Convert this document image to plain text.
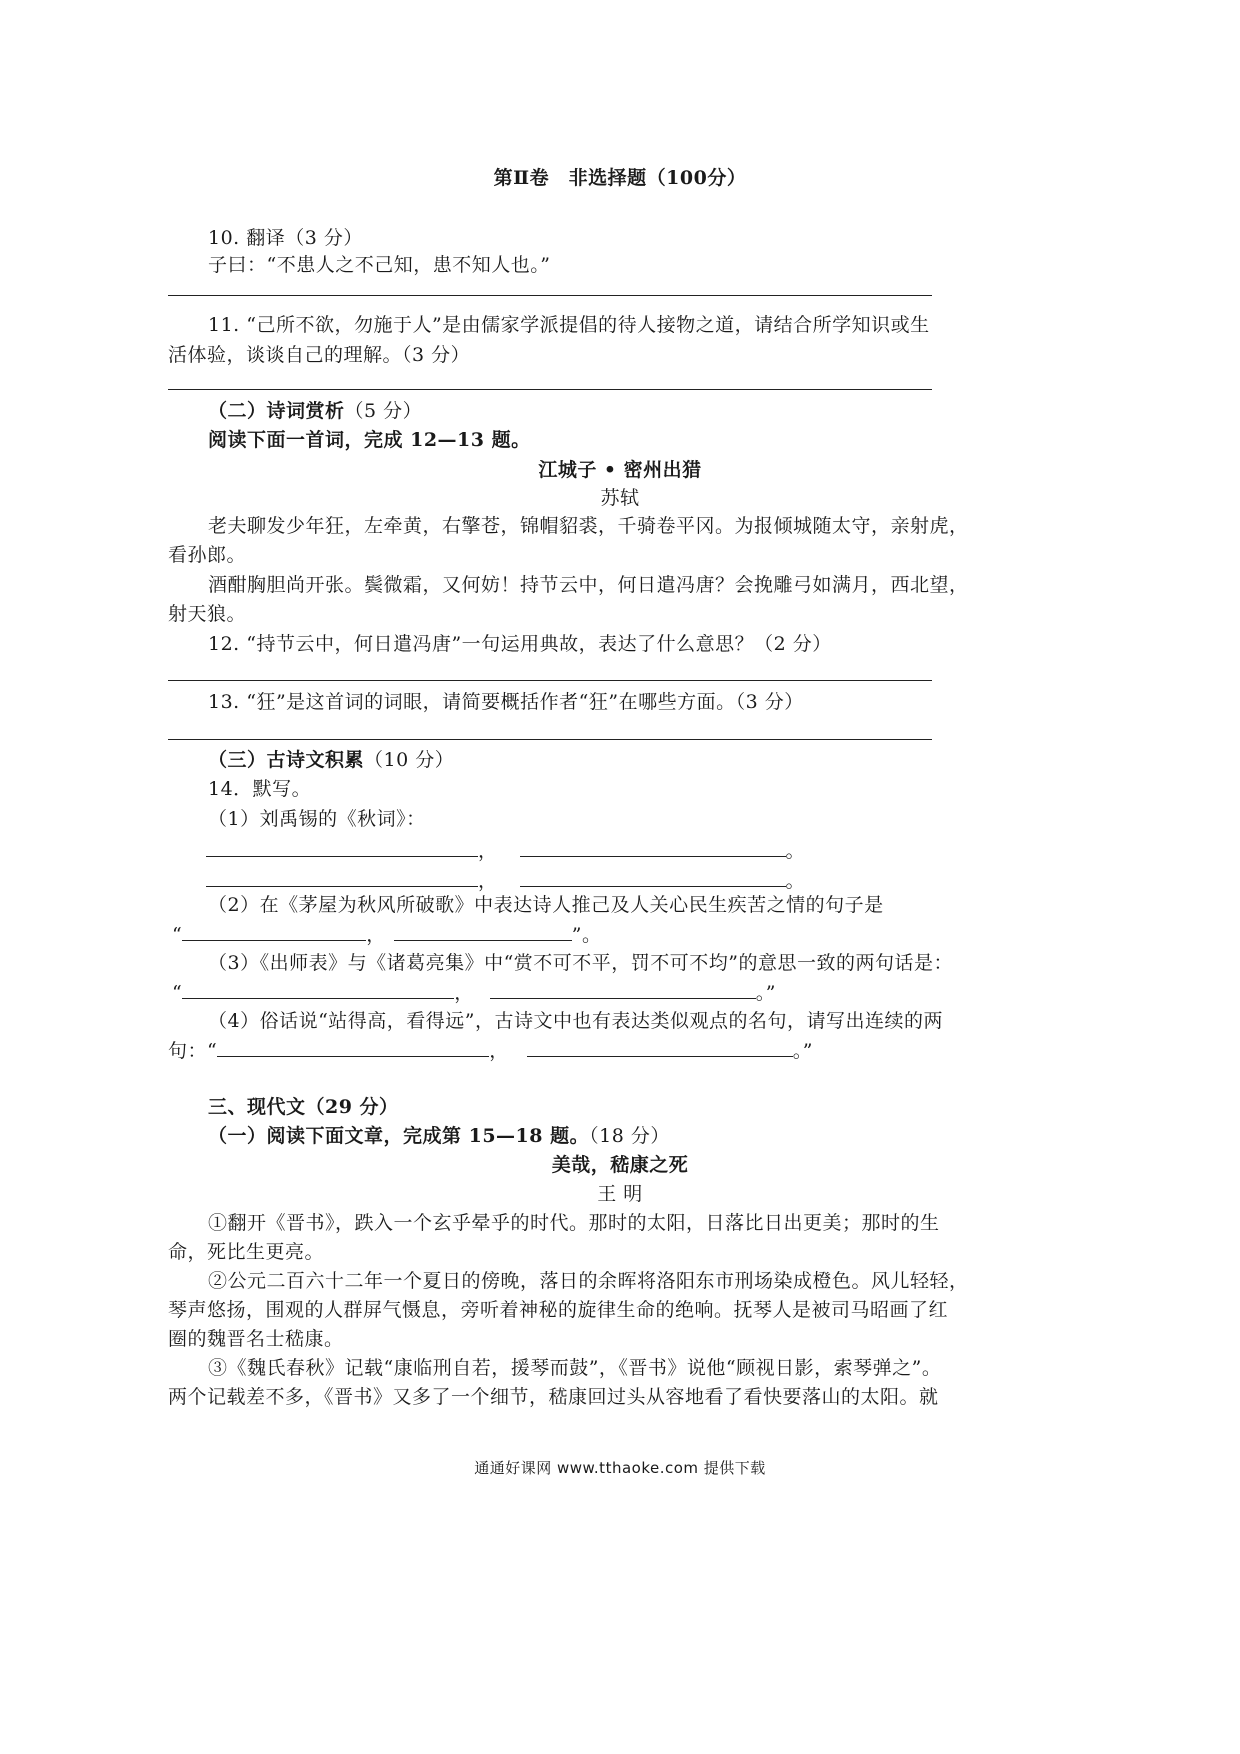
第Ⅱ卷　非选择题（100分）
10. 翻译（3 分）
子曰：“不患人之不己知，患不知人也。”
11. “己所不欲，勿施于人”是由儒家学派提倡的待人接物之道，请结合所学知识或生
活体验，谈谈自己的理解。（3 分）
（二）诗词赏析（5 分）
阅读下面一首词，完成 12—13 题。
江城子 • 密州出猎
苏轼
老夫聊发少年狂，左牵黄，右擎苍，锦帽貂裘，千骑卷平冈。为报倾城随太守，亲射虎，
看孙郎。
酒酣胸胆尚开张。鬓微霜，又何妨！持节云中，何日遣冯唐？会挽雕弓如满月，西北望，
射天狼。
12. “持节云中，何日遣冯唐”一句运用典故，表达了什么意思？（2 分）
13. “狂”是这首词的词眼，请简要概括作者“狂”在哪些方面。（3 分）
（三）古诗文积累（10 分）
14．默写。
（1）刘禹锡的《秋词》：
，	。
，	。
（2）在《茅屋为秋风所破歌》中表达诗人推己及人关心民生疾苦之情的句子是
“	，	”。
（3）《出师表》与《诸葛亮集》中“赏不可不平，罚不可不均”的意思一致的两句话是：
“	，	。”
（4）俗话说“站得高，看得远”，古诗文中也有表达类似观点的名句，请写出连续的两
句：“	，	。”
三、现代文（29 分）
（一）阅读下面文章，完成第 15—18 题。（18 分）
美哉，嵇康之死
王 明
①翻开《晋书》，跌入一个玄乎晕乎的时代。那时的太阳，日落比日出更美；那时的生
命，死比生更亮。
②公元二百六十二年一个夏日的傍晚，落日的余晖将洛阳东市刑场染成橙色。风儿轻轻，
琴声悠扬，围观的人群屏气慑息，旁听着神秘的旋律生命的绝响。抚琴人是被司马昭画了红
圈的魏晋名士嵇康。
③《魏氏春秋》记载“康临刑自若，援琴而鼓”，《晋书》说他“顾视日影，索琴弹之”。
两个记载差不多，《晋书》又多了一个细节，嵇康回过头从容地看了看快要落山的太阳。就
通通好课网 www.tthaoke.com 提供下载
